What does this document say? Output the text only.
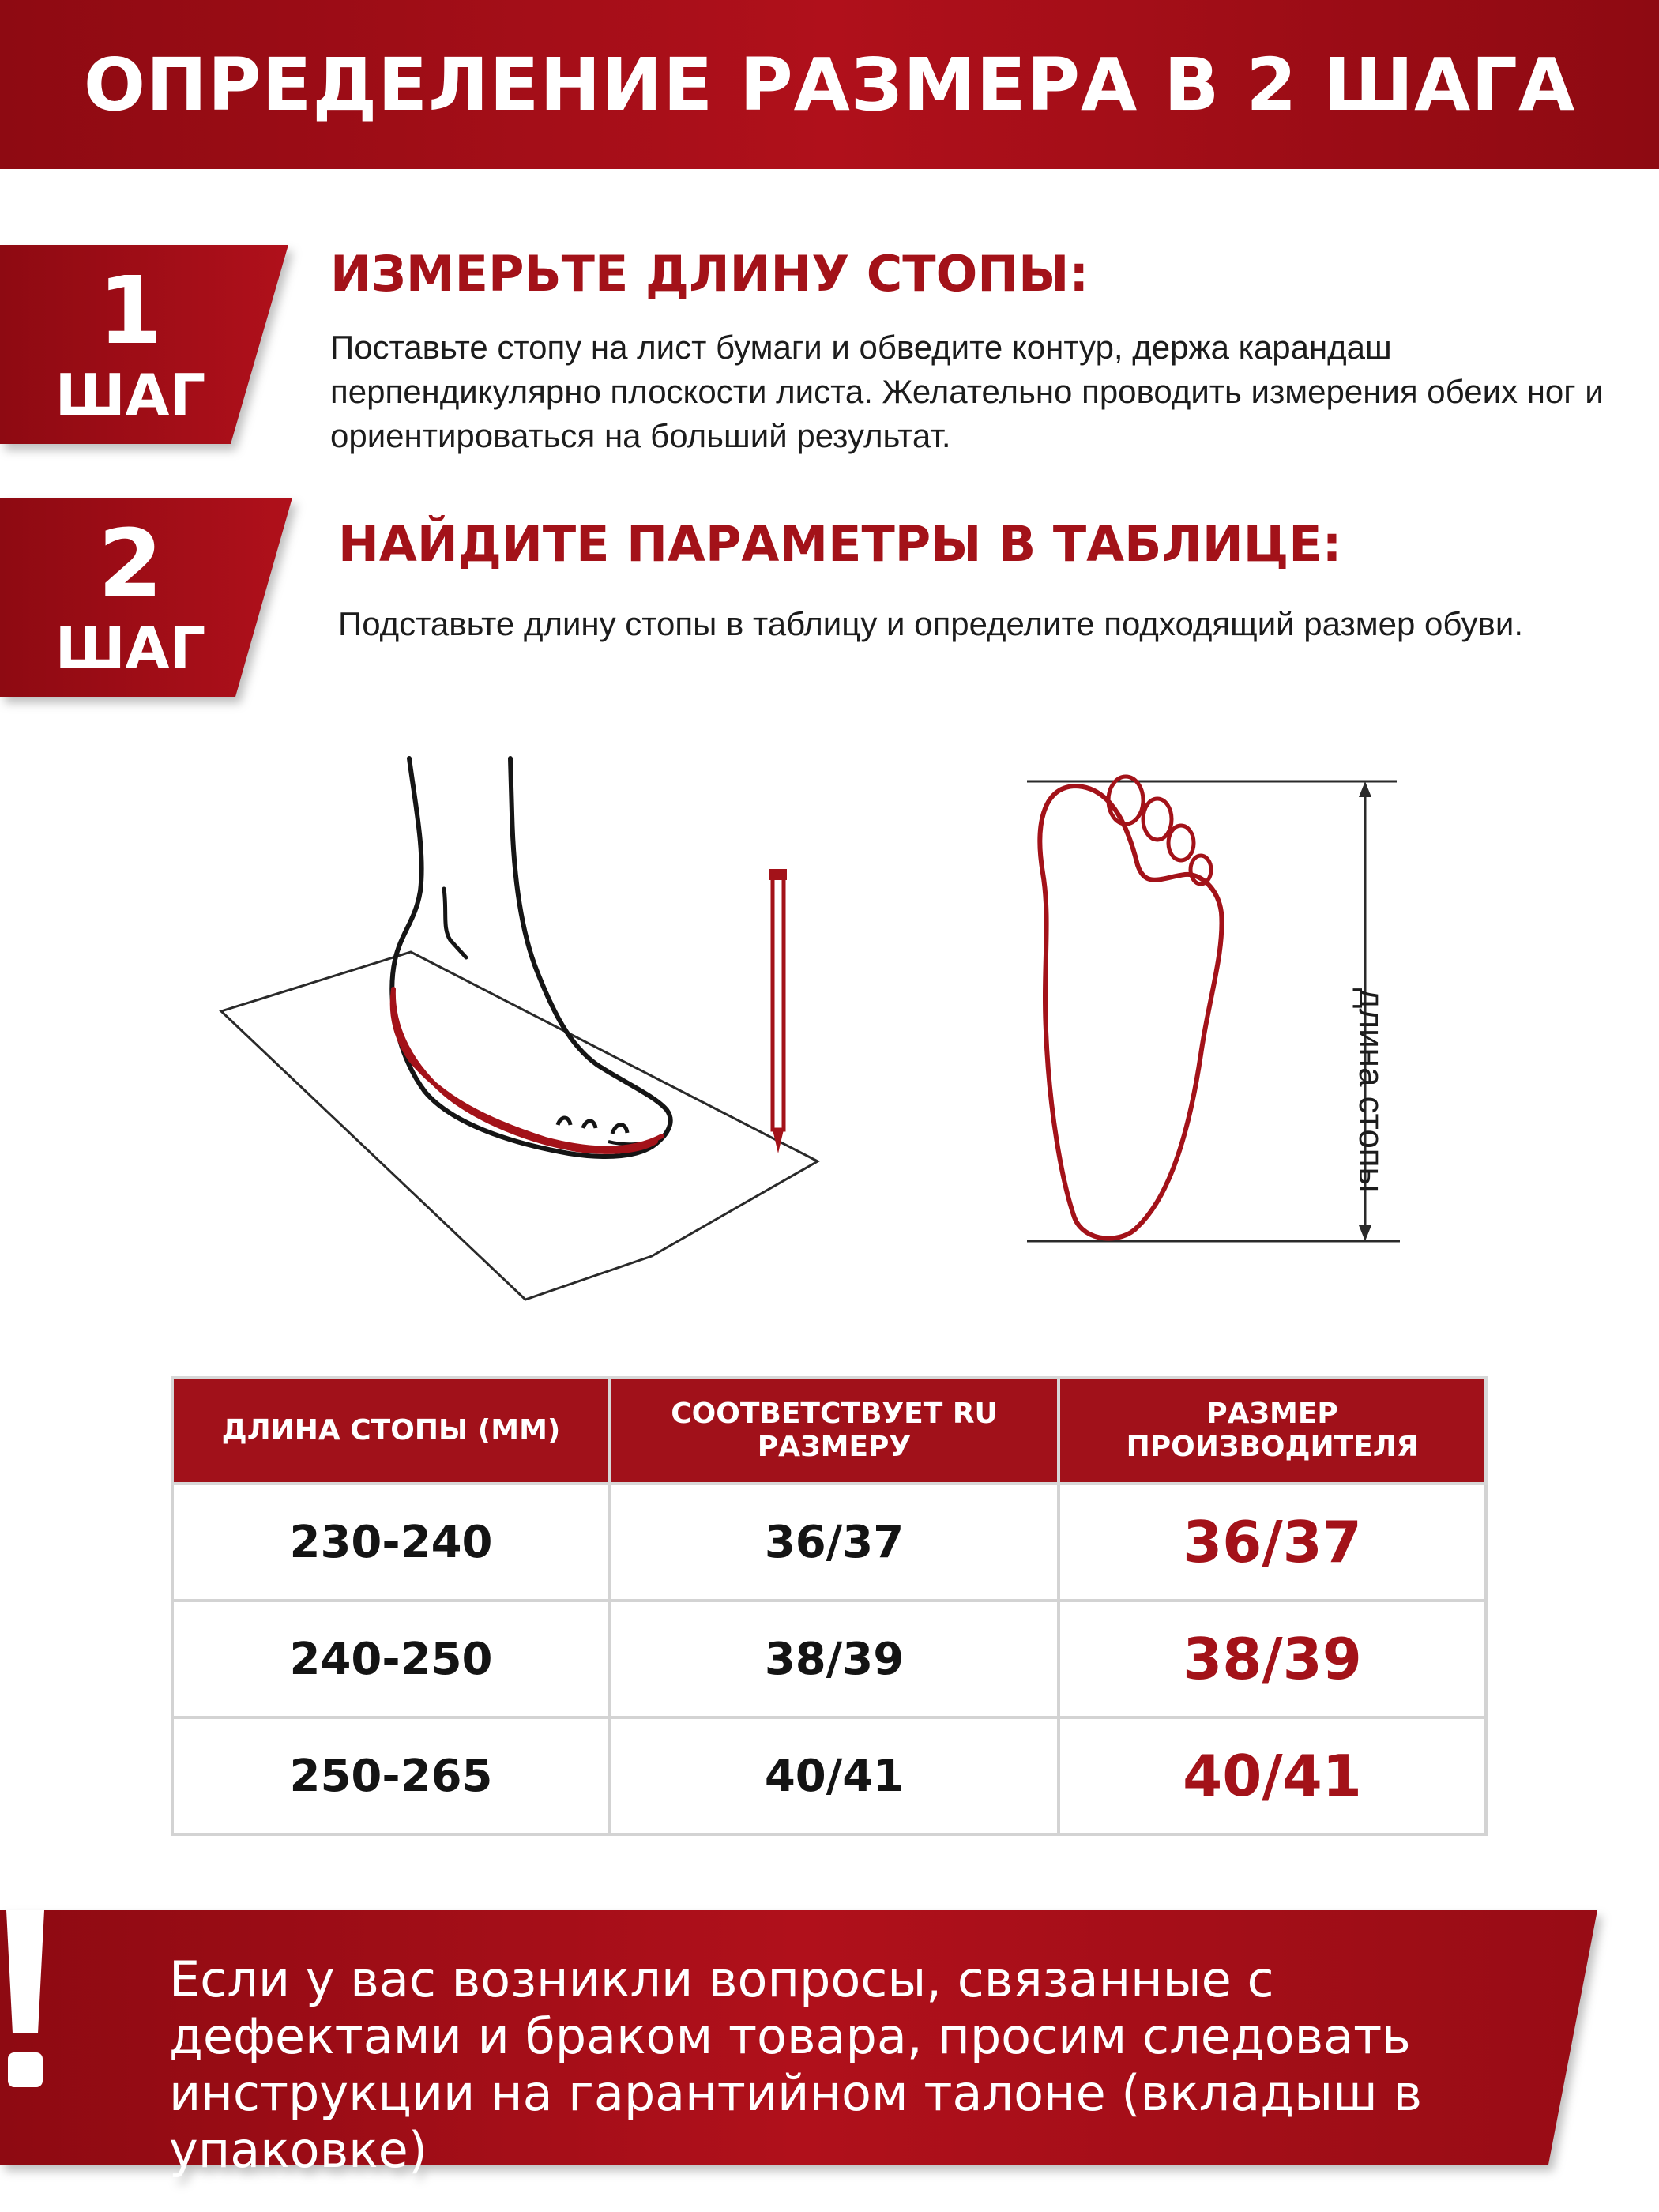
ОПРЕДЕЛЕНИЕ РАЗМЕРА В 2 ШАГА
1
ШАГ
ИЗМЕРЬТЕ ДЛИНУ СТОПЫ:

Поставьте стопу на лист бумаги и обведите контур, держа карандаш перпендикулярно плоскости листа. Желательно проводить измерения обеих ног и ориентироваться на больший результат.

2
ШАГ
НАЙДИТЕ ПАРАМЕТРЫ В ТАБЛИЦЕ:

Подставьте длину стопы в таблицу и определите подходящий размер обуви.

длина стопы
ДЛИНА СТОПЫ (ММ)	СООТВЕТСТВУЕТ RU РАЗМЕРУ	РАЗМЕР ПРОИЗВОДИТЕЛЯ
230-240	36/37	36/37
240-250	38/39	38/39
250-265	40/41	40/41

Если у вас возникли вопросы, связанные с дефектами и браком товара, просим следовать инструкции на гарантийном талоне (вкладыш в упаковке)
